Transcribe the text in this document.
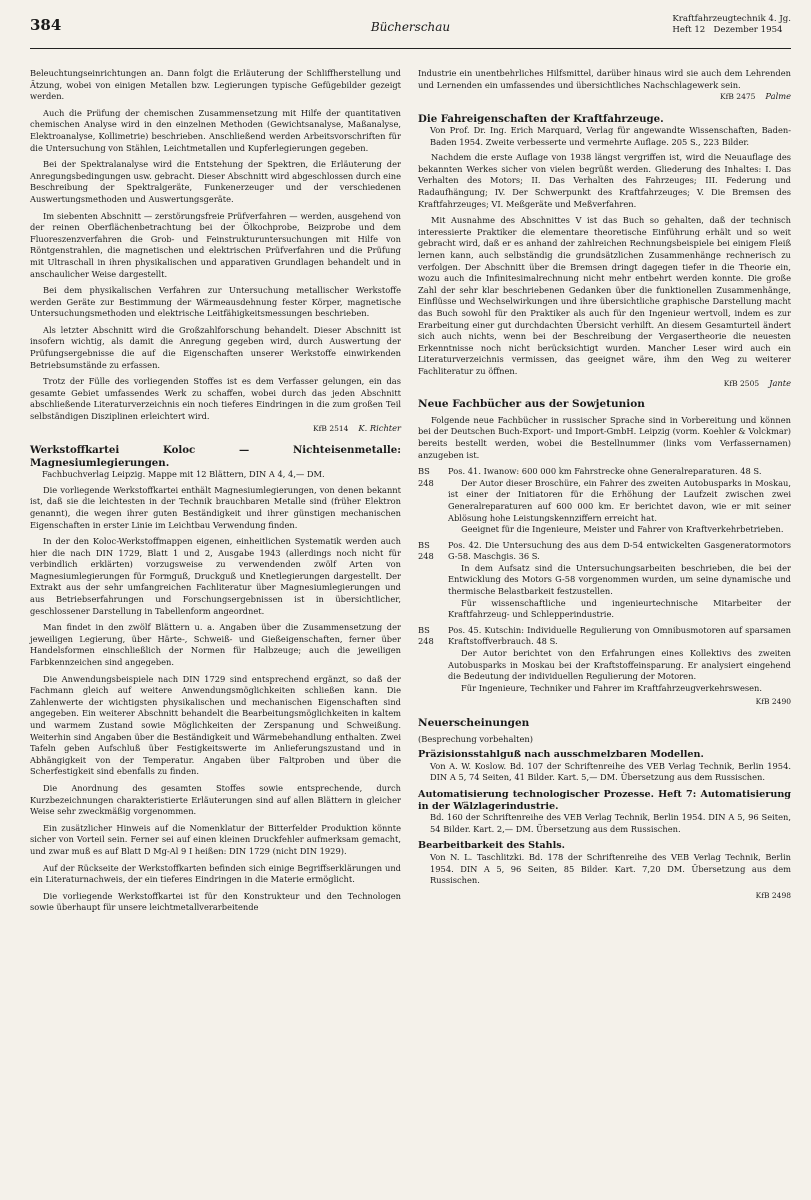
384	Bücherschau
Kraftfahrzeugtechnik 4. Jg.
Heft 12 Dezember 1954

Beleuchtungseinrichtungen an. Dann folgt die Erläuterung der Schliffherstellung und Ätzung, wobei von einigen Metallen bzw. Legierungen typische Gefügebilder gezeigt werden.

Auch die Prüfung der chemischen Zusammensetzung mit Hilfe der quantitativen chemischen Analyse wird in den einzelnen Methoden (Gewichtsanalyse, Maßanalyse, Elektroanalyse, Kollimetrie) beschrieben. Anschließend werden Arbeitsvorschriften für die Untersuchung von Stählen, Leichtmetallen und Kupferlegierungen gegeben.

Bei der Spektralanalyse wird die Entstehung der Spektren, die Erläuterung der Anregungsbedingungen usw. gebracht. Dieser Abschnitt wird abgeschlossen durch eine Beschreibung der Spektralgeräte, Funkenerzeuger und der verschiedenen Auswertungsmethoden und Auswertungsgeräte.

Im siebenten Abschnitt — zerstörungsfreie Prüfverfahren — werden, ausgehend von der reinen Oberflächenbetrachtung bei der Ölkochprobe, Beizprobe und dem Fluoreszenzverfahren die Grob- und Feinstrukturuntersuchungen mit Hilfe von Röntgenstrahlen, die magnetischen und elektrischen Prüfverfahren und die Prüfung mit Ultraschall in ihren physikalischen und apparativen Grundlagen behandelt und in anschaulicher Weise dargestellt.

Bei dem physikalischen Verfahren zur Untersuchung metallischer Werkstoffe werden Geräte zur Bestimmung der Wärmeausdehnung fester Körper, magnetische Untersuchungsmethoden und elektrische Leitfähigkeitsmessungen beschrieben.

Als letzter Abschnitt wird die Großzahlforschung behandelt. Dieser Abschnitt ist insofern wichtig, als damit die Anregung gegeben wird, durch Auswertung der Prüfungsergebnisse die auf die Eigenschaften unserer Werkstoffe einwirkenden Betriebsumstände zu erfassen.

Trotz der Fülle des vorliegenden Stoffes ist es dem Verfasser gelungen, ein das gesamte Gebiet umfassendes Werk zu schaffen, wobei durch das jeden Abschnitt abschließende Literaturverzeichnis ein noch tieferes Eindringen in die zum großen Teil selbständigen Disziplinen erleichtert wird.

KfB 2514 K. Richter
Werkstoffkartei Koloc — Nichteisenmetalle: Magnesiumlegierungen.
Fachbuchverlag Leipzig. Mappe mit 12 Blättern, DIN A 4, 4,— DM.

Die vorliegende Werkstoffkartei enthält Magnesiumlegierungen, von denen bekannt ist, daß sie die leichtesten in der Technik brauchbaren Metalle sind (früher Elektron genannt), die wegen ihrer guten Beständigkeit und ihrer günstigen mechanischen Eigenschaften in erster Linie im Leichtbau Verwendung finden.

In der den Koloc-Werkstoffmappen eigenen, einheitlichen Systematik werden auch hier die nach DIN 1729, Blatt 1 und 2, Ausgabe 1943 (allerdings noch nicht für verbindlich erklärten) vorzugsweise zu verwendenden zwölf Arten von Magnesiumlegierungen für Formguß, Druckguß und Knetlegierungen dargestellt. Der Extrakt aus der sehr umfangreichen Fachliteratur über Magnesiumlegierungen und aus Betriebserfahrungen und Forschungsergebnissen ist in übersichtlicher, geschlossener Darstellung in Tabellenform angeordnet.

Man findet in den zwölf Blättern u. a. Angaben über die Zusammensetzung der jeweiligen Legierung, über Härte-, Schweiß- und Gießeigenschaften, ferner über Handelsformen einschließlich der Normen für Halbzeuge; auch die jeweiligen Farbkennzeichen sind angegeben.

Die Anwendungsbeispiele nach DIN 1729 sind entsprechend ergänzt, so daß der Fachmann gleich auf weitere Anwendungsmöglichkeiten schließen kann. Die Zahlenwerte der wichtigsten physikalischen und mechanischen Eigenschaften sind angegeben. Ein weiterer Abschnitt behandelt die Bearbeitungsmöglichkeiten in kaltem und warmem Zustand sowie Möglichkeiten der Zerspanung und Schweißung. Weiterhin sind Angaben über die Beständigkeit und Wärmebehandlung enthalten. Zwei Tafeln geben Aufschluß über Festigkeitswerte im Anlieferungszustand und in Abhängigkeit von der Temperatur. Angaben über Faltproben und über die Scherfestigkeit sind ebenfalls zu finden.

Die Anordnung des gesamten Stoffes sowie entsprechende, durch Kurzbezeichnungen charakteristierte Erläuterungen sind auf allen Blättern in gleicher Weise sehr zweckmäßig vorgenommen.

Ein zusätzlicher Hinweis auf die Nomenklatur der Bitterfelder Produktion könnte sicher von Vorteil sein. Ferner sei auf einen kleinen Druckfehler aufmerksam gemacht, und zwar muß es auf Blatt D Mg-Al 9 I heißen: DIN 1729 (nicht DIN 1929).

Auf der Rückseite der Werkstoffkarten befinden sich einige Begriffserklärungen und ein Literaturnachweis, der ein tieferes Eindringen in die Materie ermöglicht.

Die vorliegende Werkstoffkartei ist für den Konstrukteur und den Technologen sowie überhaupt für unsere leichtmetallverarbeitende

Industrie ein unentbehrliches Hilfsmittel, darüber hinaus wird sie auch dem Lehrenden und Lernenden ein umfassendes und übersichtliches Nachschlagewerk sein.

KfB 2475 Palme
Die Fahreigenschaften der Kraftfahrzeuge.
Von Prof. Dr. Ing. Erich Marquard, Verlag für angewandte Wissenschaften, Baden-Baden 1954. Zweite verbesserte und vermehrte Auflage. 205 S., 223 Bilder.

Nachdem die erste Auflage von 1938 längst vergriffen ist, wird die Neuauflage des bekannten Werkes sicher von vielen begrüßt werden. Gliederung des Inhaltes: I. Das Verhalten des Motors; II. Das Verhalten des Fahrzeuges; III. Federung und Radaufhängung; IV. Der Schwerpunkt des Kraftfahrzeuges; V. Die Bremsen des Kraftfahrzeuges; VI. Meßgeräte und Meßverfahren.

Mit Ausnahme des Abschnittes V ist das Buch so gehalten, daß der technisch interessierte Praktiker die elementare theoretische Einführung erhält und so weit gebracht wird, daß er es anhand der zahlreichen Rechnungsbeispiele bei einigem Fleiß lernen kann, auch selbständig die grundsätzlichen Zusammenhänge rechnerisch zu verfolgen. Der Abschnitt über die Bremsen dringt dagegen tiefer in die Theorie ein, wozu auch die Infinitesimalrechnung nicht mehr entbehrt werden konnte. Die große Zahl der sehr klar beschriebenen Gedanken über die funktionellen Zusammenhänge, Einflüsse und Wechselwirkungen und ihre übersichtliche graphische Darstellung macht das Buch sowohl für den Praktiker als auch für den Ingenieur wertvoll, indem es zur Erarbeitung einer gut durchdachten Übersicht verhilft. An diesem Gesamturteil ändert sich auch nichts, wenn bei der Beschreibung der Vergasertheorie die neuesten Erkenntnisse noch nicht berücksichtigt wurden. Mancher Leser wird auch ein Literaturverzeichnis vermissen, das geeignet wäre, ihm den Weg zu weiterer Fachliteratur zu öffnen.

KfB 2505 Jante
Neue Fachbücher aus der Sowjetunion

Folgende neue Fachbücher in russischer Sprache sind in Vorbereitung und können bei der Deutschen Buch-Export- und Import-GmbH. Leipzig (vorm. Koehler & Volckmar) bereits bestellt werden, wobei die Bestellnummer (links vom Verfassernamen) anzugeben ist.

BS 248
Pos. 41. Iwanow: 600 000 km Fahrstrecke ohne Generalreparaturen. 48 S.

Der Autor dieser Broschüre, ein Fahrer des zweiten Autobusparks in Moskau, ist einer der Initiatoren für die Erhöhung der Laufzeit zwischen zwei Generalreparaturen auf 600 000 km. Er berichtet davon, wie er mit seiner Ablösung hohe Leistungskennziffern erreicht hat.

Geeignet für die Ingenieure, Meister und Fahrer von Kraftverkehrbetrieben.

BS 248
Pos. 42. Die Untersuchung des aus dem D-54 entwickelten Gasgeneratormotors G-58. Maschgis. 36 S.

In dem Aufsatz sind die Untersuchungsarbeiten beschrieben, die bei der Entwicklung des Motors G-58 vorgenommen wurden, um seine dynamische und thermische Belastbarkeit festzustellen.

Für wissenschaftliche und ingenieurtechnische Mitarbeiter der Kraftfahrzeug- und Schlepperindustrie.

BS 248
Pos. 45. Kutschin: Individuelle Regulierung von Omnibusmotoren auf sparsamen Kraftstoffverbrauch. 48 S.

Der Autor berichtet von den Erfahrungen eines Kollektivs des zweiten Autobusparks in Moskau bei der Kraftstoffeinsparung. Er analysiert eingehend die Bedeutung der individuellen Regulierung der Motoren.

Für Ingenieure, Techniker und Fahrer im Kraftfahrzeugverkehrswesen.

KfB 2490
Neuerscheinungen
(Besprechung vorbehalten)
Präzisionsstahlguß nach ausschmelzbaren Modellen.
Von A. W. Koslow. Bd. 107 der Schriftenreihe des VEB Verlag Technik, Berlin 1954. DIN A 5, 74 Seiten, 41 Bilder. Kart. 5,— DM. Übersetzung aus dem Russischen.
Automatisierung technologischer Prozesse. Heft 7: Automatisierung in der Wälzlagerindustrie.
Bd. 160 der Schriftenreihe des VEB Verlag Technik, Berlin 1954. DIN A 5, 96 Seiten, 54 Bilder. Kart. 2,— DM. Übersetzung aus dem Russischen.
Bearbeitbarkeit des Stahls.
Von N. L. Taschlitzki. Bd. 178 der Schriftenreihe des VEB Verlag Technik, Berlin 1954. DIN A 5, 96 Seiten, 85 Bilder. Kart. 7,20 DM. Übersetzung aus dem Russischen.
KfB 2498
